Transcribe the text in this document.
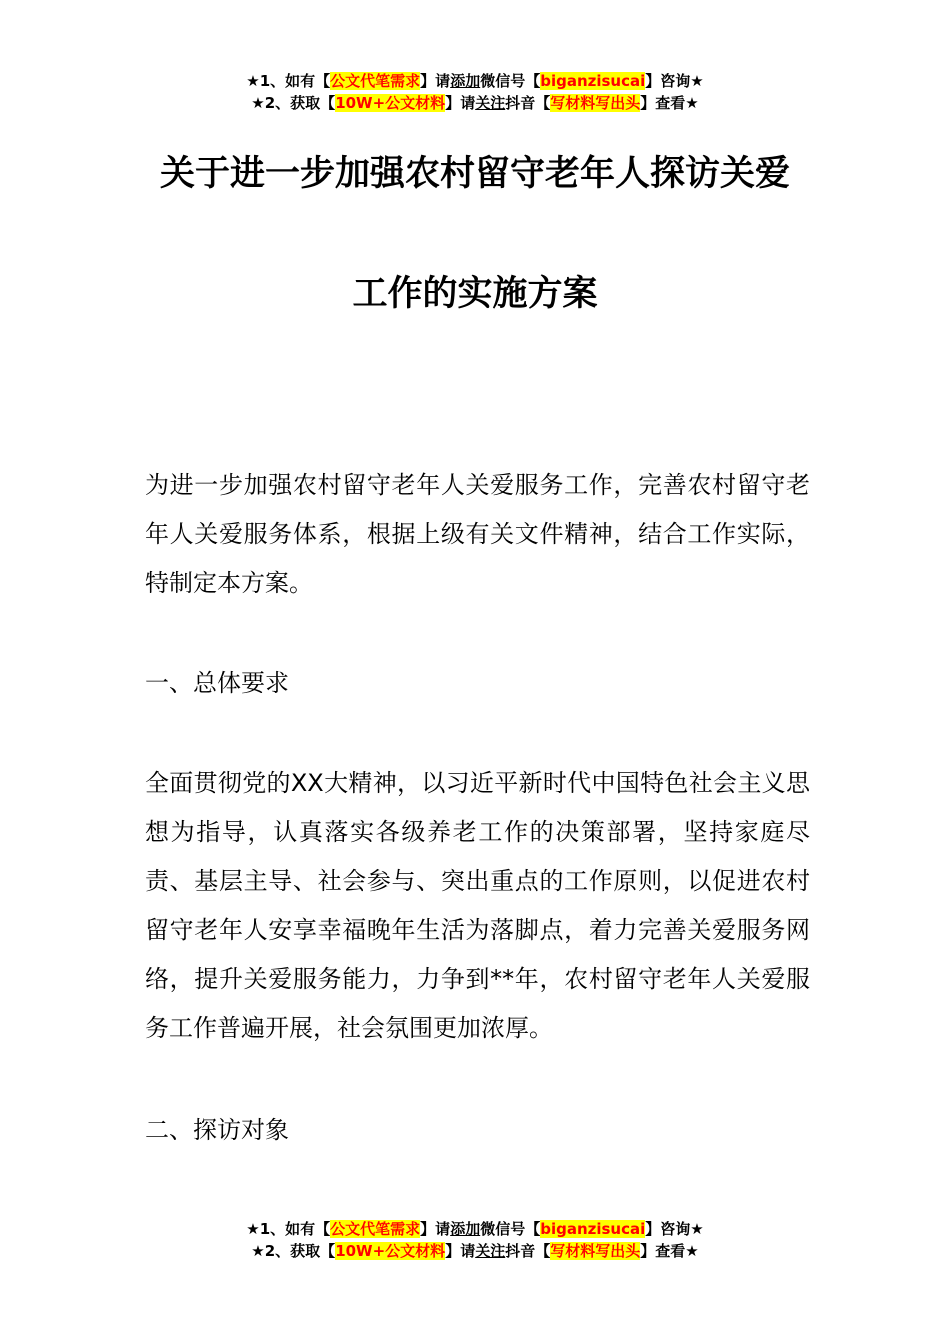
★1、如有【公文代笔需求】请添加微信号【biganzisucai】咨询★
★2、获取【10W+公文材料】请关注抖音【写材料写出头】查看★
关于进一步加强农村留守老年人探访关爱
工作的实施方案

为进一步加强农村留守老年人关爱服务工作，完善农村留守老年人关爱服务体系，根据上级有关文件精神，结合工作实际，特制定本方案。

一、总体要求

全面贯彻党的XX大精神，以习近平新时代中国特色社会主义思想为指导，认真落实各级养老工作的决策部署，坚持家庭尽责、基层主导、社会参与、突出重点的工作原则，以促进农村留守老年人安享幸福晚年生活为落脚点，着力完善关爱服务网络，提升关爱服务能力，力争到**年，农村留守老年人关爱服务工作普遍开展，社会氛围更加浓厚。

二、探访对象

★1、如有【公文代笔需求】请添加微信号【biganzisucai】咨询★
★2、获取【10W+公文材料】请关注抖音【写材料写出头】查看★
